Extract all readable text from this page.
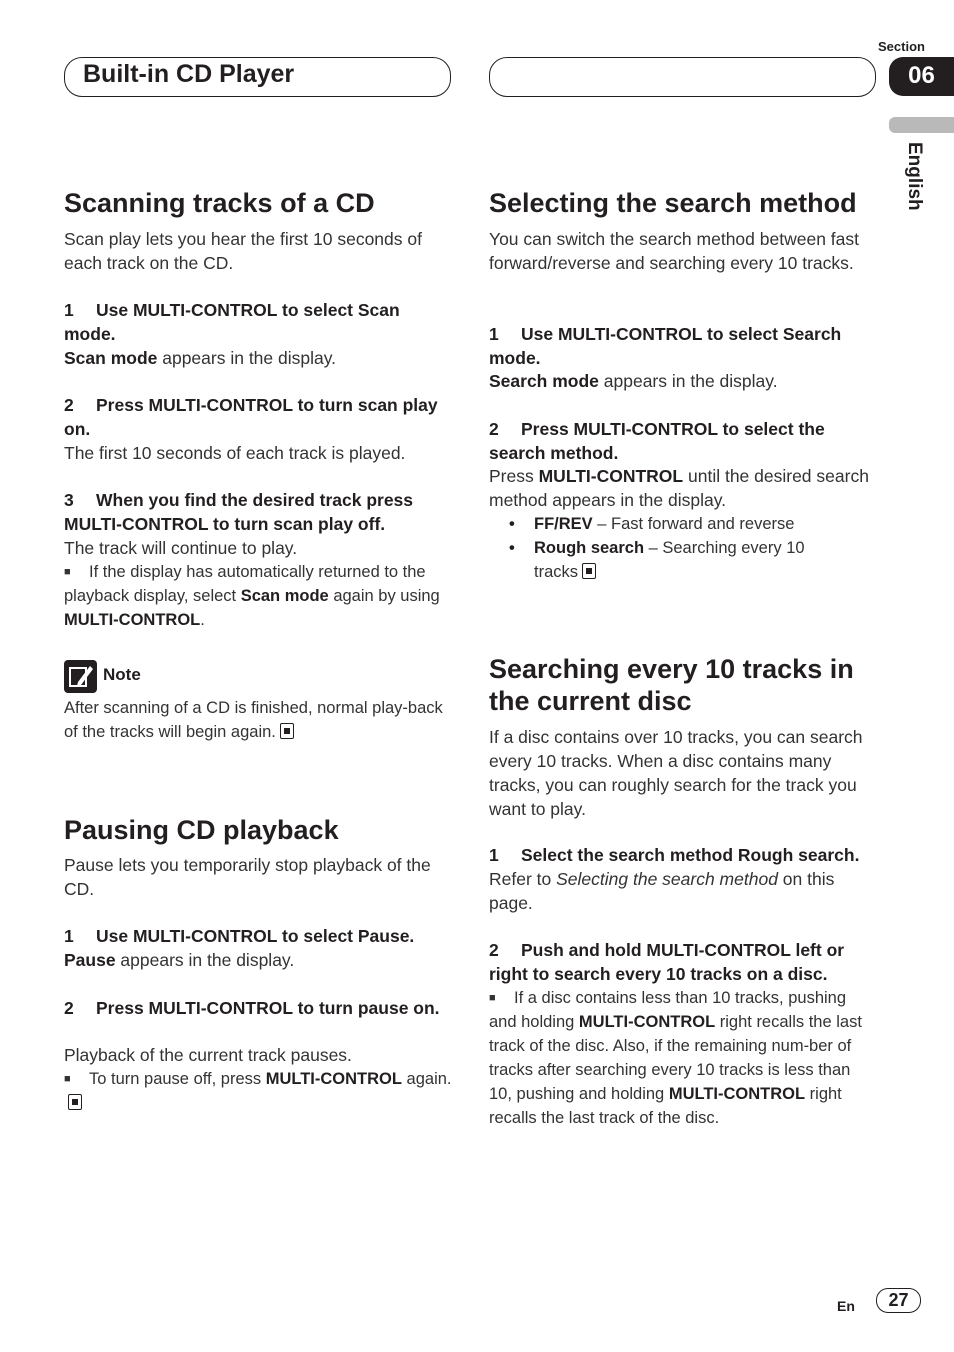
Built-in CD Player
Section
06
English
Scanning tracks of a CD
Scan play lets you hear the first 10 seconds of each track on the CD.
1 Use MULTI-CONTROL to select Scan mode.
Scan mode appears in the display.
2 Press MULTI-CONTROL to turn scan play on.
The first 10 seconds of each track is played.
3 When you find the desired track press MULTI-CONTROL to turn scan play off.
The track will continue to play.
■ If the display has automatically returned to the playback display, select Scan mode again by using MULTI-CONTROL.
Note
After scanning of a CD is finished, normal play-back of the tracks will begin again.
Pausing CD playback
Pause lets you temporarily stop playback of the CD.
1 Use MULTI-CONTROL to select Pause.
Pause appears in the display.
2 Press MULTI-CONTROL to turn pause on.
Playback of the current track pauses.
■ To turn pause off, press MULTI-CONTROL again.
Selecting the search method
You can switch the search method between fast forward/reverse and searching every 10 tracks.
1 Use MULTI-CONTROL to select Search mode.
Search mode appears in the display.
2 Press MULTI-CONTROL to select the search method.
Press MULTI-CONTROL until the desired search method appears in the display.
• FF/REV – Fast forward and reverse
• Rough search – Searching every 10 tracks
Searching every 10 tracks in the current disc
If a disc contains over 10 tracks, you can search every 10 tracks. When a disc contains many tracks, you can roughly search for the track you want to play.
1 Select the search method Rough search.
Refer to Selecting the search method on this page.
2 Push and hold MULTI-CONTROL left or right to search every 10 tracks on a disc.
■ If a disc contains less than 10 tracks, pushing and holding MULTI-CONTROL right recalls the last track of the disc. Also, if the remaining num-ber of tracks after searching every 10 tracks is less than 10, pushing and holding MULTI-CONTROL right recalls the last track of the disc.
En	27
